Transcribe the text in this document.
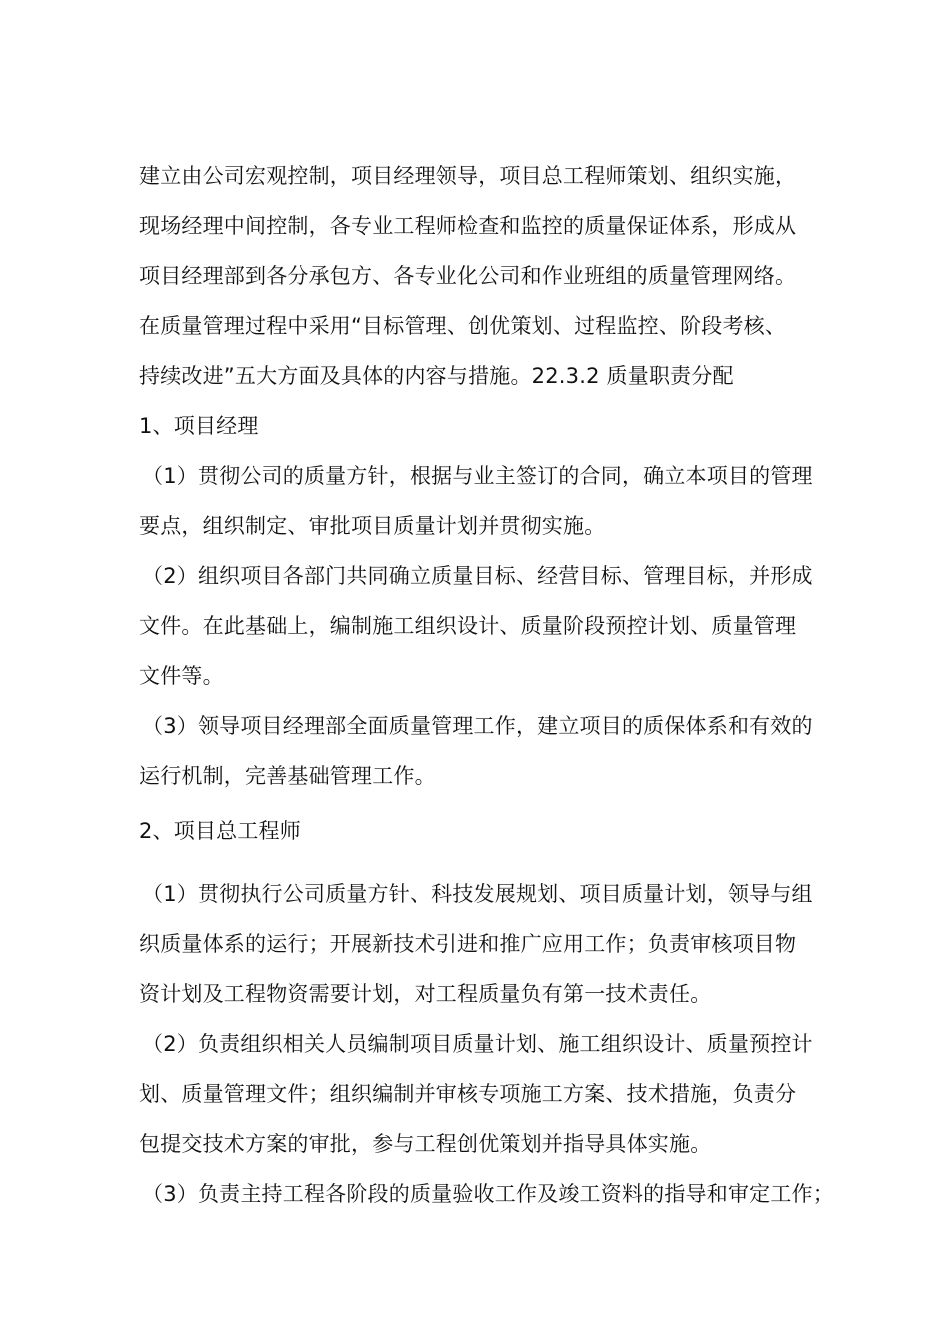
建立由公司宏观控制，项目经理领导，项目总工程师策划、组织实施，
现场经理中间控制，各专业工程师检查和监控的质量保证体系，形成从
项目经理部到各分承包方、各专业化公司和作业班组的质量管理网络。
在质量管理过程中采用“目标管理、创优策划、过程监控、阶段考核、
持续改进”五大方面及具体的内容与措施。22.3.2 质量职责分配
1、项目经理
（1）贯彻公司的质量方针，根据与业主签订的合同，确立本项目的管理
要点，组织制定、审批项目质量计划并贯彻实施。
（2）组织项目各部门共同确立质量目标、经营目标、管理目标，并形成
文件。在此基础上，编制施工组织设计、质量阶段预控计划、质量管理
文件等。
（3）领导项目经理部全面质量管理工作，建立项目的质保体系和有效的
运行机制，完善基础管理工作。
2、项目总工程师
（1）贯彻执行公司质量方针、科技发展规划、项目质量计划，领导与组
织质量体系的运行；开展新技术引进和推广应用工作；负责审核项目物
资计划及工程物资需要计划，对工程质量负有第一技术责任。
（2）负责组织相关人员编制项目质量计划、施工组织设计、质量预控计
划、质量管理文件；组织编制并审核专项施工方案、技术措施，负责分
包提交技术方案的审批，参与工程创优策划并指导具体实施。
（3）负责主持工程各阶段的质量验收工作及竣工资料的指导和审定工作；
